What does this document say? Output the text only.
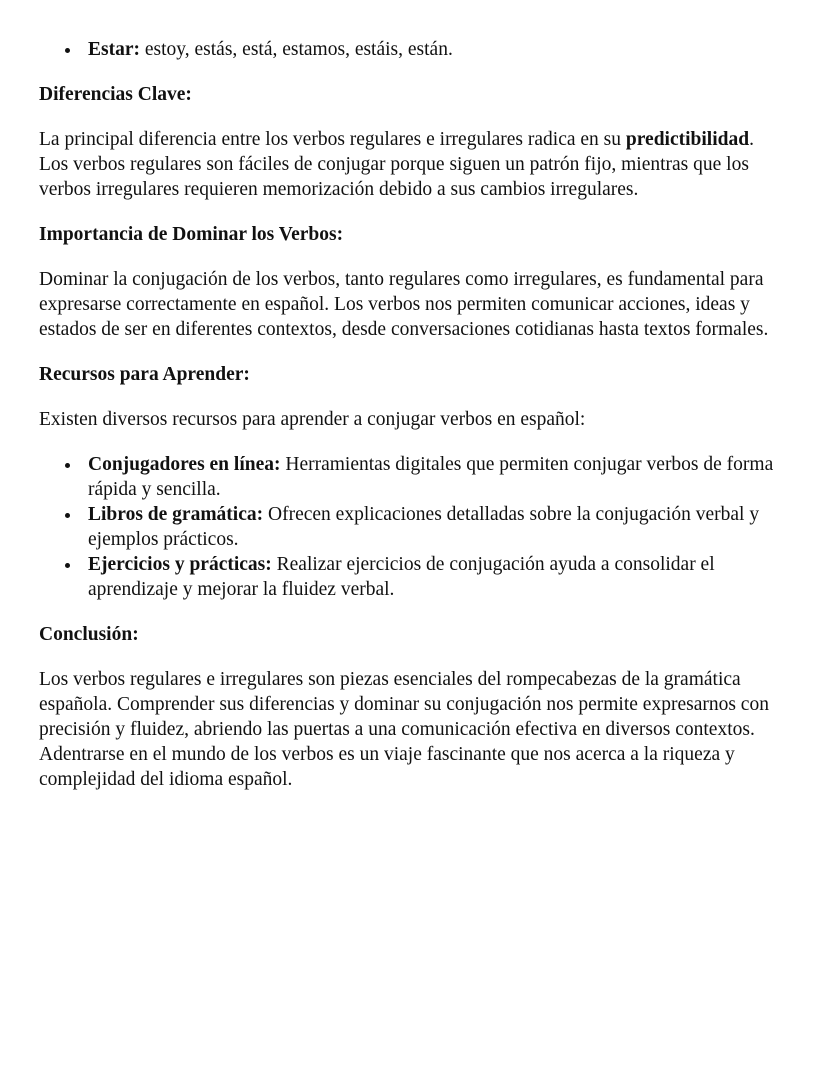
Estar: estoy, estás, está, estamos, estáis, están.

Diferencias Clave:

La principal diferencia entre los verbos regulares e irregulares radica en su predictibilidad. Los verbos regulares son fáciles de conjugar porque siguen un patrón fijo, mientras que los verbos irregulares requieren memorización debido a sus cambios irregulares.

Importancia de Dominar los Verbos:

Dominar la conjugación de los verbos, tanto regulares como irregulares, es fundamental para expresarse correctamente en español. Los verbos nos permiten comunicar acciones, ideas y estados de ser en diferentes contextos, desde conversaciones cotidianas hasta textos formales.

Recursos para Aprender:

Existen diversos recursos para aprender a conjugar verbos en español:

Conjugadores en línea: Herramientas digitales que permiten conjugar verbos de forma rápida y sencilla.
Libros de gramática: Ofrecen explicaciones detalladas sobre la conjugación verbal y ejemplos prácticos.
Ejercicios y prácticas: Realizar ejercicios de conjugación ayuda a consolidar el aprendizaje y mejorar la fluidez verbal.

Conclusión:

Los verbos regulares e irregulares son piezas esenciales del rompecabezas de la gramática española. Comprender sus diferencias y dominar su conjugación nos permite expresarnos con precisión y fluidez, abriendo las puertas a una comunicación efectiva en diversos contextos. Adentrarse en el mundo de los verbos es un viaje fascinante que nos acerca a la riqueza y complejidad del idioma español.
